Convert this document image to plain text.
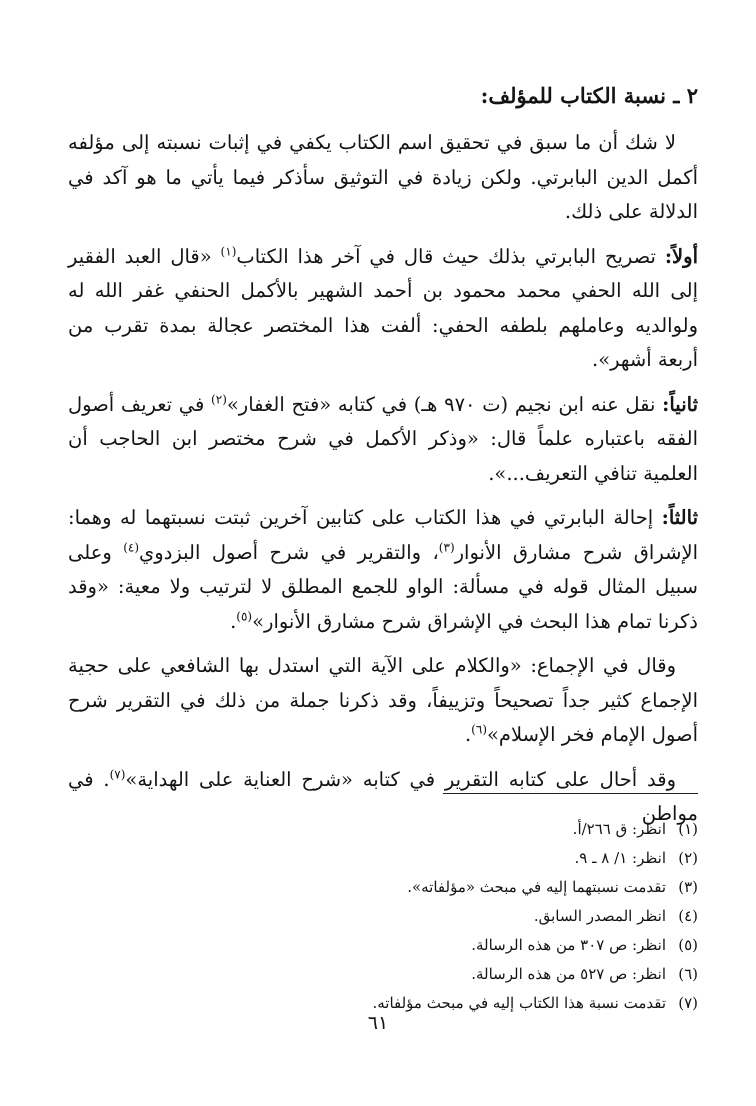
٢ ـ نسبة الكتاب للمؤلف:

لا شك أن ما سبق في تحقيق اسم الكتاب يكفي في إثبات نسبته إلى مؤلفه أكمل الدين البابرتي. ولكن زيادة في التوثيق سأذكر فيما يأتي ما هو آكد في الدلالة على ذلك.

أولاً: تصريح البابرتي بذلك حيث قال في آخر هذا الكتاب$^{(١)}$ «قال العبد الفقير إلى الله الحفي محمد محمود بن أحمد الشهير بالأكمل الحنفي غفر الله له ولوالديه وعاملهم بلطفه الحفي: ألفت هذا المختصر عجالة بمدة تقرب من أربعة أشهر».

ثانياً: نقل عنه ابن نجيم (ت ٩٧٠ هـ) في كتابه «فتح الغفار»$^{(٢)}$ في تعريف أصول الفقه باعتباره علماً قال: «وذكر الأكمل في شرح مختصر ابن الحاجب أن العلمية تنافي التعريف...».

ثالثاً: إحالة البابرتي في هذا الكتاب على كتابين آخرين ثبتت نسبتهما له وهما: الإشراق شرح مشارق الأنوار$^{(٣)}$، والتقرير في شرح أصول البزدوي$^{(٤)}$ وعلى سبيل المثال قوله في مسألة: الواو للجمع المطلق لا لترتيب ولا معية: «وقد ذكرنا تمام هذا البحث في الإشراق شرح مشارق الأنوار»$^{(٥)}$.

وقال في الإجماع: «والكلام على الآية التي استدل بها الشافعي على حجية الإجماع كثير جداً تصحيحاً وتزييفاً، وقد ذكرنا جملة من ذلك في التقرير شرح أصول الإمام فخر الإسلام»$^{(٦)}$.

وقد أحال على كتابه التقرير في كتابه «شرح العناية على الهداية»$^{(٧)}$. في مواطن

(١)انظر: ق ٢٦٦/أ.
(٢)انظر: ١/ ٨ ـ ٩.
(٣)تقدمت نسبتهما إليه في مبحث «مؤلفاته».
(٤)انظر المصدر السابق.
(٥)انظر: ص ٣٠٧ من هذه الرسالة.
(٦)انظر: ص ٥٢٧ من هذه الرسالة.
(٧)تقدمت نسبة هذا الكتاب إليه في مبحث مؤلفاته.
٦١
